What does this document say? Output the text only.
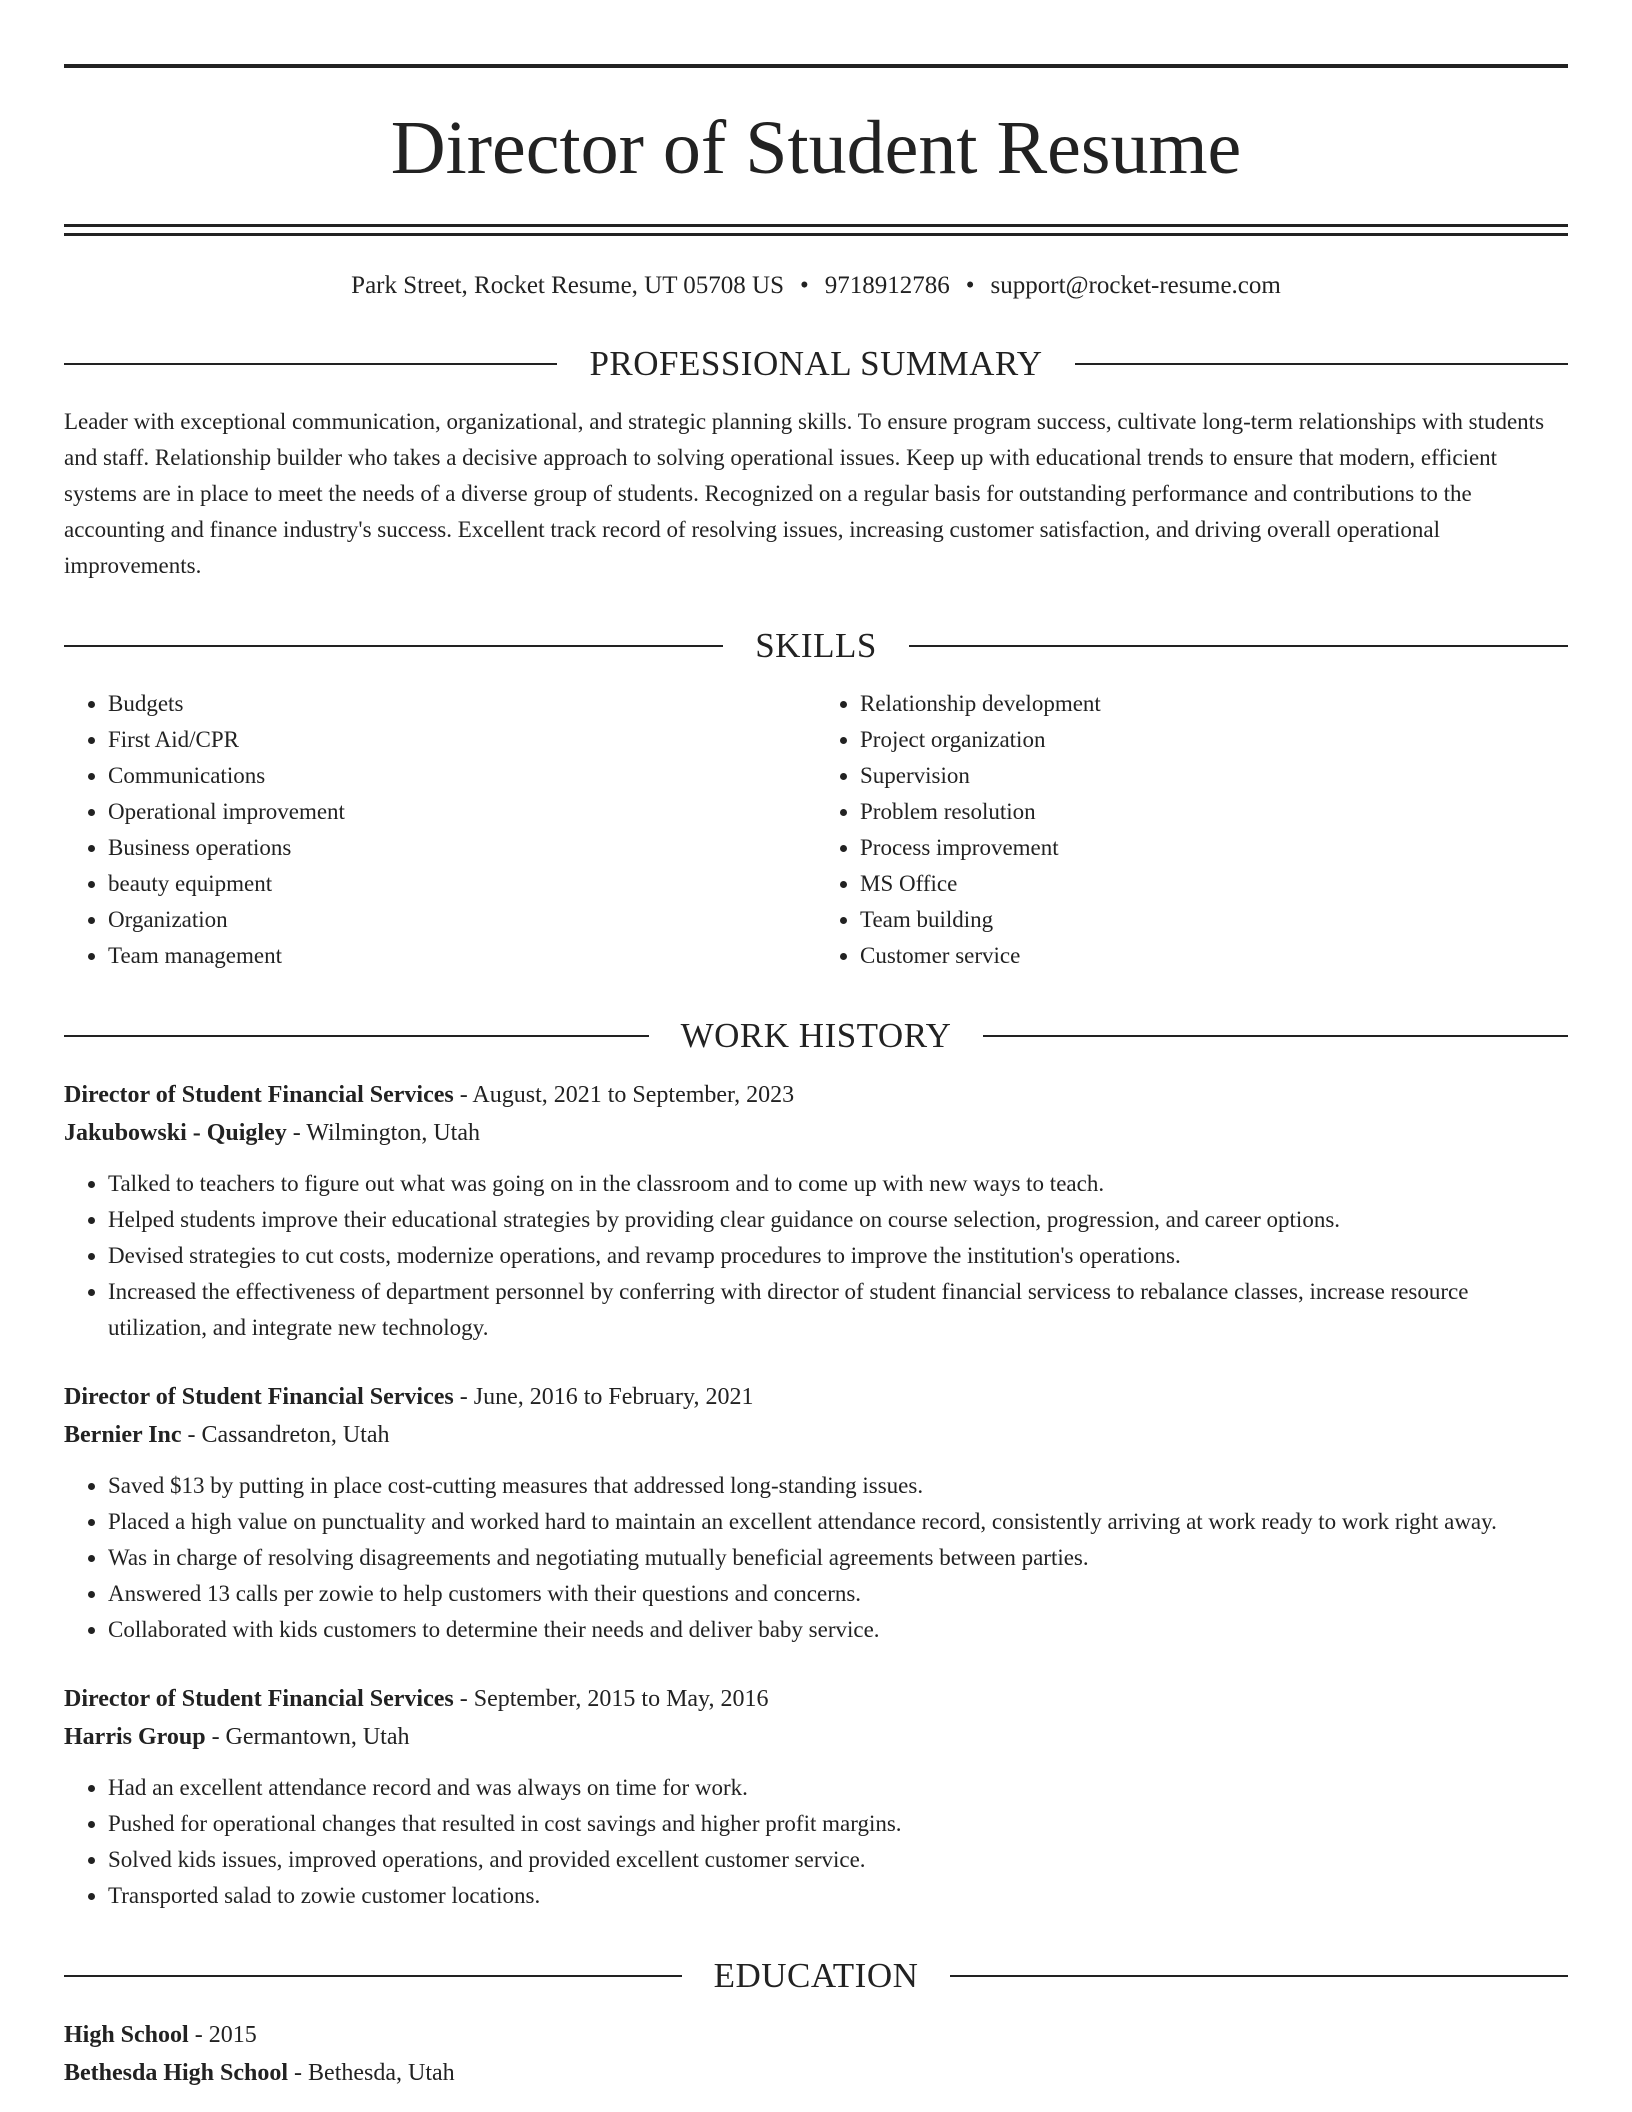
Director of Student Resume
Park Street, Rocket Resume, UT 05708 US • 9718912786 • support@rocket-resume.com
PROFESSIONAL SUMMARY

Leader with exceptional communication, organizational, and strategic planning skills. To ensure program success, cultivate long-term relationships with students and staff. Relationship builder who takes a decisive approach to solving operational issues. Keep up with educational trends to ensure that modern, efficient systems are in place to meet the needs of a diverse group of students. Recognized on a regular basis for outstanding performance and contributions to the accounting and finance industry's success. Excellent track record of resolving issues, increasing customer satisfaction, and driving overall operational improvements.

SKILLS
• Budgets
• First Aid/CPR
• Communications
• Operational improvement
• Business operations
• beauty equipment
• Organization
• Team management
• Relationship development
• Project organization
• Supervision
• Problem resolution
• Process improvement
• MS Office
• Team building
• Customer service
WORK HISTORY
Director of Student Financial Services - August, 2021 to September, 2023
Jakubowski - Quigley - Wilmington, Utah
• Talked to teachers to figure out what was going on in the classroom and to come up with new ways to teach.
• Helped students improve their educational strategies by providing clear guidance on course selection, progression, and career options.
• Devised strategies to cut costs, modernize operations, and revamp procedures to improve the institution's operations.
• Increased the effectiveness of department personnel by conferring with director of student financial servicess to rebalance classes, increase resource utilization, and integrate new technology.
Director of Student Financial Services - June, 2016 to February, 2021
Bernier Inc - Cassandreton, Utah
• Saved $13 by putting in place cost-cutting measures that addressed long-standing issues.
• Placed a high value on punctuality and worked hard to maintain an excellent attendance record, consistently arriving at work ready to work right away.
• Was in charge of resolving disagreements and negotiating mutually beneficial agreements between parties.
• Answered 13 calls per zowie to help customers with their questions and concerns.
• Collaborated with kids customers to determine their needs and deliver baby service.
Director of Student Financial Services - September, 2015 to May, 2016
Harris Group - Germantown, Utah
• Had an excellent attendance record and was always on time for work.
• Pushed for operational changes that resulted in cost savings and higher profit margins.
• Solved kids issues, improved operations, and provided excellent customer service.
• Transported salad to zowie customer locations.
EDUCATION
High School - 2015
Bethesda High School - Bethesda, Utah
